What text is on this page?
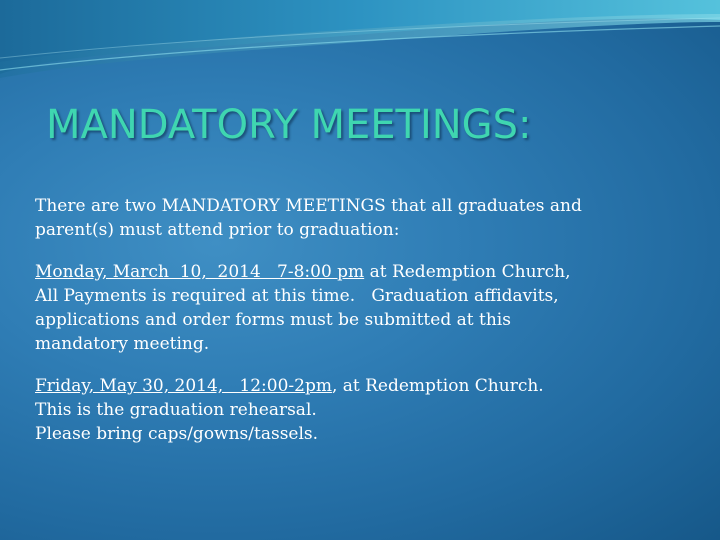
MANDATORY MEETINGS:

There are two MANDATORY MEETINGS that all graduates and
parent(s) must attend prior to graduation:

Monday, March  10,  2014   7-8:00 pm at Redemption Church,
All Payments is required at this time.   Graduation affidavits,
applications and order forms must be submitted at this
mandatory meeting.

Friday, May 30, 2014,   12:00-2pm, at Redemption Church.
This is the graduation rehearsal.
Please bring caps/gowns/tassels.
